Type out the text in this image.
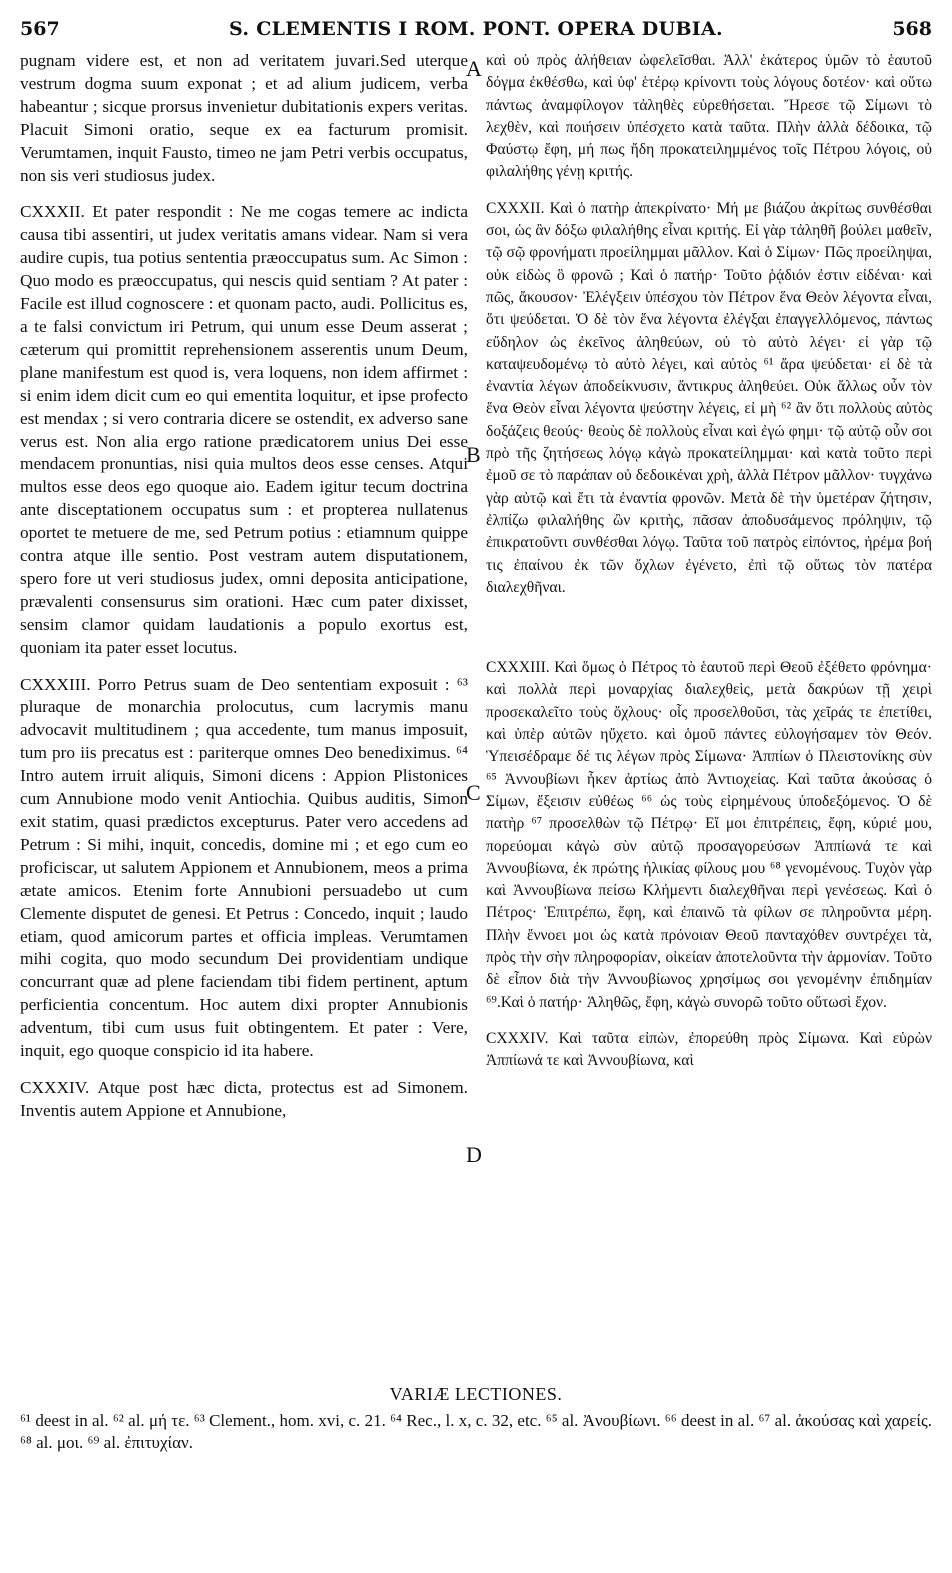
567	S. CLEMENTIS I ROM. PONT. OPERA DUBIA.	568

pugnam videre est, et non ad veritatem juvari.Sed uterque vestrum dogma suum exponat ; et ad alium judicem, verba habeantur ; sicque prorsus invenietur dubitationis expers veritas. Placuit Simoni oratio, seque ex ea facturum promisit. Verumtamen, inquit Fausto, timeo ne jam Petri verbis occupatus, non sis veri studiosus judex.

CXXXII. Et pater respondit : Ne me cogas temere ac indicta causa tibi assentiri, ut judex veritatis amans videar. Nam si vera audire cupis, tua potius sententia præoccupatus sum. Ac Simon : Quo modo es præoccupatus, qui nescis quid sentiam ? At pater : Facile est illud cognoscere : et quonam pacto, audi. Pollicitus es, a te falsi convictum iri Petrum, qui unum esse Deum asserat ; cæterum qui promittit reprehensionem asserentis unum Deum, plane manifestum est quod is, vera loquens, non idem affirmet : si enim idem dicit cum eo qui ementita loquitur, et ipse profecto est mendax ; si vero contraria dicere se ostendit, ex adverso sane verus est. Non alia ergo ratione prædicatorem unius Dei esse mendacem pronuntias, nisi quia multos deos esse censes. Atqui multos esse deos ego quoque aio. Eadem igitur tecum doctrina ante disceptationem occupatus sum : et propterea nullatenus oportet te metuere de me, sed Petrum potius : etiamnum quippe contra atque ille sentio. Post vestram autem disputationem, spero fore ut veri studiosus judex, omni deposita anticipatione, prævalenti consensurus sim orationi. Hæc cum pater dixisset, sensim clamor quidam laudationis a populo exortus est, quoniam ita pater esset locutus.

CXXXIII. Porro Petrus suam de Deo sententiam exposuit : ⁶³ pluraque de monarchia prolocutus, cum lacrymis manu advocavit multitudinem ; qua accedente, tum manus imposuit, tum pro iis precatus est : pariterque omnes Deo benediximus. ⁶⁴ Intro autem irruit aliquis, Simoni dicens : Appion Plistonices cum Annubione modo venit Antiochia. Quibus auditis, Simon exit statim, quasi prædictos excepturus. Pater vero accedens ad Petrum : Si mihi, inquit, concedis, domine mi ; et ego cum eo proficiscar, ut salutem Appionem et Annubionem, meos a prima ætate amicos. Etenim forte Annubioni persuadebo ut cum Clemente disputet de genesi. Et Petrus : Concedo, inquit ; laudo etiam, quod amicorum partes et officia impleas. Verumtamen mihi cogita, quo modo secundum Dei providentiam undique concurrant quæ ad plene faciendam tibi fidem pertinent, aptum perficientia concentum. Hoc autem dixi propter Annubionis adventum, tibi cum usus fuit obtingentem. Et pater : Vere, inquit, ego quoque conspicio id ita habere.

CXXXIV. Atque post hæc dicta, protectus est ad Simonem. Inventis autem Appione et Annubione,

A
B
C
D

καὶ οὐ πρὸς ἀλήθειαν ὠφελεῖσθαι. Ἀλλ' ἑκάτερος ὑμῶν τὸ ἑαυτοῦ δόγμα ἐκθέσθω, καὶ ὑφ' ἑτέρῳ κρίνοντι τοὺς λόγους δοτέον· καὶ οὕτω πάντως ἀναμφίλογον τἀληθὲς εὑρεθήσεται. Ἤρεσε τῷ Σίμωνι τὸ λεχθὲν, καὶ ποιήσειν ὑπέσχετο κατὰ ταῦτα. Πλὴν ἀλλὰ δέδοικα, τῷ Φαύστῳ ἔφη, μή πως ἤδη προκατειλημμένος τοῖς Πέτρου λόγοις, οὐ φιλαλήθης γένῃ κριτής.

CXXXII. Καὶ ὁ πατὴρ ἀπεκρίνατο· Μή με βιάζου ἀκρίτως συνθέσθαι σοι, ὡς ἂν δόξω φιλαλήθης εἶναι κριτής. Εἰ γὰρ τἀληθῆ βούλει μαθεῖν, τῷ σῷ φρονήματι προείλημμαι μᾶλλον. Καὶ ὁ Σίμων· Πῶς προείληψαι, οὐκ εἰδὼς ὃ φρονῶ ; Καὶ ὁ πατήρ· Τοῦτο ῥᾴδιόν ἐστιν εἰδέναι· καὶ πῶς, ἄκουσον· Ἐλέγξειν ὑπέσχου τὸν Πέτρον ἕνα Θεὸν λέγοντα εἶναι, ὅτι ψεύδεται. Ὁ δὲ τὸν ἕνα λέγοντα ἐλέγξαι ἐπαγγελλόμενος, πάντως εὔδηλον ὡς ἐκεῖνος ἀληθεύων, οὐ τὸ αὐτὸ λέγει· εἰ γὰρ τῷ καταψευδομένῳ τὸ αὐτὸ λέγει, καὶ αὐτὸς ⁶¹ ἄρα ψεύδεται· εἰ δὲ τὰ ἐναντία λέγων ἀποδείκνυσιν, ἄντικρυς ἀληθεύει. Οὐκ ἄλλως οὖν τὸν ἕνα Θεὸν εἶναι λέγοντα ψεύστην λέγεις, εἰ μὴ ⁶² ἂν ὅτι πολλοὺς αὐτὸς δοξάζεις θεούς· θεοὺς δὲ πολλοὺς εἶναι καὶ ἐγώ φημι· τῷ αὐτῷ οὖν σοι πρὸ τῆς ζητήσεως λόγῳ κἀγὼ προκατείλημμαι· καὶ κατὰ τοῦτο περὶ ἐμοῦ σε τὸ παράπαν οὐ δεδοικέναι χρὴ, ἀλλὰ Πέτρον μᾶλλον· τυγχάνω γὰρ αὐτῷ καὶ ἔτι τὰ ἐναντία φρονῶν. Μετὰ δὲ τὴν ὑμετέραν ζήτησιν, ἐλπίζω φιλαλήθης ὢν κριτὴς, πᾶσαν ἀποδυσάμενος πρόληψιν, τῷ ἐπικρατοῦντι συνθέσθαι λόγῳ. Ταῦτα τοῦ πατρὸς εἰπόντος, ἠρέμα βοή τις ἐπαίνου ἐκ τῶν ὄχλων ἐγένετο, ἐπὶ τῷ οὕτως τὸν πατέρα διαλεχθῆναι.

CXXXIII. Καὶ ὅμως ὁ Πέτρος τὸ ἑαυτοῦ περὶ Θεοῦ ἐξέθετο φρόνημα· καὶ πολλὰ περὶ μοναρχίας διαλεχθεὶς, μετὰ δακρύων τῇ χειρὶ προσεκαλεῖτο τοὺς ὄχλους· οἷς προσελθοῦσι, τὰς χεῖράς τε ἐπετίθει, καὶ ὑπὲρ αὐτῶν ηὔχετο. καὶ ὁμοῦ πάντες εὐλογήσαμεν τὸν Θεόν. Ὑπεισέδραμε δέ τις λέγων πρὸς Σίμωνα· Ἀππίων ὁ Πλειστονίκης σὺν ⁶⁵ Ἀννουβίωνι ἧκεν ἀρτίως ἀπὸ Ἀντιοχείας. Καὶ ταῦτα ἀκούσας ὁ Σίμων, ἔξεισιν εὐθέως ⁶⁶ ὡς τοὺς εἰρημένους ὑποδεξόμενος. Ὁ δὲ πατὴρ ⁶⁷ προσελθὼν τῷ Πέτρῳ· Εἴ μοι ἐπιτρέπεις, ἔφη, κύριέ μου, πορεύομαι κἀγὼ σὺν αὐτῷ προσαγορεύσων Ἀππίωνά τε καὶ Ἀννουβίωνα, ἐκ πρώτης ἡλικίας φίλους μου ⁶⁸ γενομένους. Τυχὸν γὰρ καὶ Ἀννουβίωνα πείσω Κλήμεντι διαλεχθῆναι περὶ γενέσεως. Καὶ ὁ Πέτρος· Ἐπιτρέπω, ἔφη, καὶ ἐπαινῶ τὰ φίλων σε πληροῦντα μέρη. Πλὴν ἔννοει μοι ὡς κατὰ πρόνοιαν Θεοῦ πανταχόθεν συντρέχει τὰ, πρὸς τὴν σὴν πληροφορίαν, οἰκείαν ἀποτελοῦντα τὴν ἁρμονίαν. Τοῦτο δὲ εἶπον διὰ τὴν Ἀννουβίωνος χρησίμως σοι γενομένην ἐπιδημίαν ⁶⁹.Καὶ ὁ πατήρ· Ἀληθῶς, ἔφη, κἀγὼ συνορῶ τοῦτο οὕτωσὶ ἔχον.

CXXXIV. Καὶ ταῦτα εἰπὼν, ἐπορεύθη πρὸς Σίμωνα. Καὶ εὑρὼν Ἀππίωνά τε καὶ Ἀννουβίωνα, καὶ

VARIÆ LECTIONES.
⁶¹ deest in al. ⁶² al. μή τε. ⁶³ Clement., hom. xvi, c. 21. ⁶⁴ Rec., l. x, c. 32, etc. ⁶⁵ al. Ἀνουβίωνι. ⁶⁶ deest in al. ⁶⁷ al. ἀκούσας καὶ χαρείς. ⁶⁸ al. μοι. ⁶⁹ al. ἐπιτυχίαν.
